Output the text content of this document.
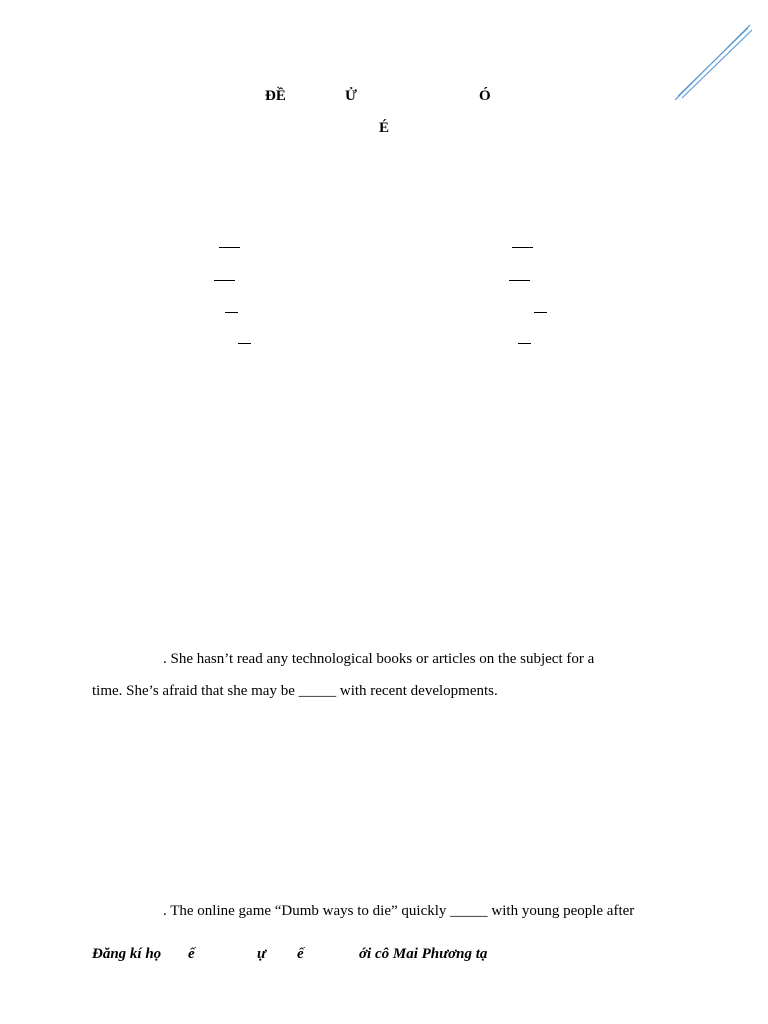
ĐỀ	Ử	Ó
É
. She hasn’t read any technological books or articles on the subject for a
time. She’s afraid that she may be _____ with recent developments.
. The online game “Dumb ways to die” quickly _____ with young people after
Đăng kí họ ế	ự ế	ới cô Mai Phương tạ
